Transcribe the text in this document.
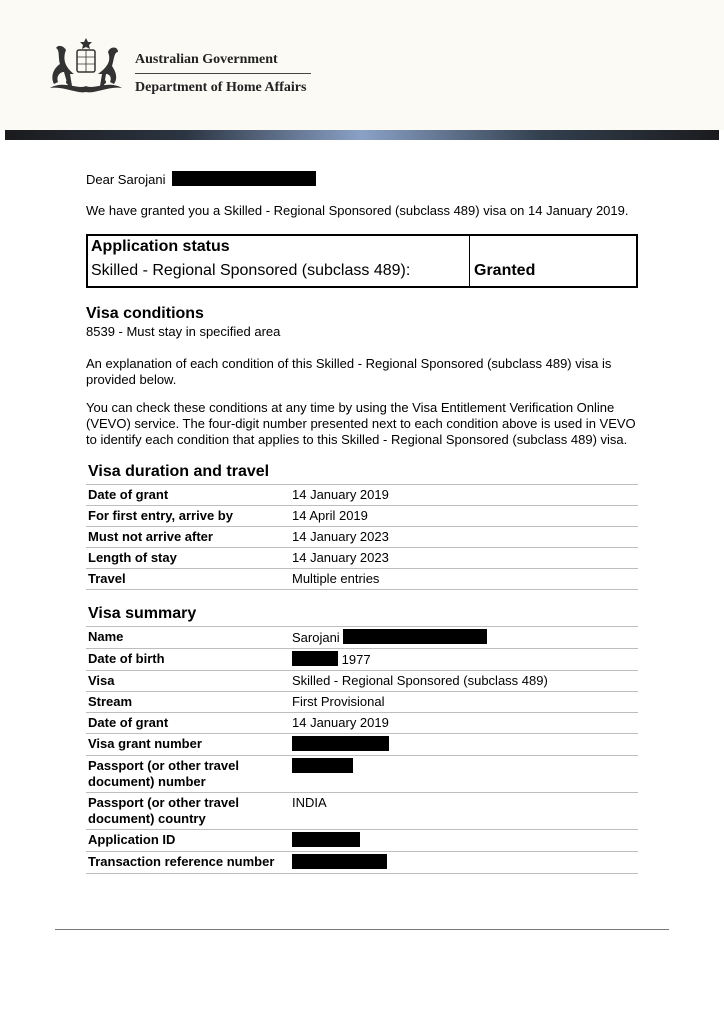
Australian Government
Department of Home Affairs

Dear Sarojani

We have granted you a Skilled - Regional Sponsored (subclass 489) visa on 14 January 2019.

Application status
Skilled - Regional Sponsored (subclass 489):	Granted
Visa conditions

8539 - Must stay in specified area

An explanation of each condition of this Skilled - Regional Sponsored (subclass 489) visa is provided below.

You can check these conditions at any time by using the Visa Entitlement Verification Online (VEVO) service. The four-digit number presented next to each condition above is used in VEVO to identify each condition that applies to this Skilled - Regional Sponsored (subclass 489) visa.

Visa duration and travel
Date of grant	14 January 2019
For first entry, arrive by	14 April 2019
Must not arrive after	14 January 2023
Length of stay	14 January 2023
Travel	Multiple entries
Visa summary
Name	Sarojani
Date of birth	1977
Visa	Skilled - Regional Sponsored (subclass 489)
Stream	First Provisional
Date of grant	14 January 2019
Visa grant number	
Passport (or other travel document) number	
Passport (or other travel document) country	INDIA
Application ID	
Transaction reference number	
